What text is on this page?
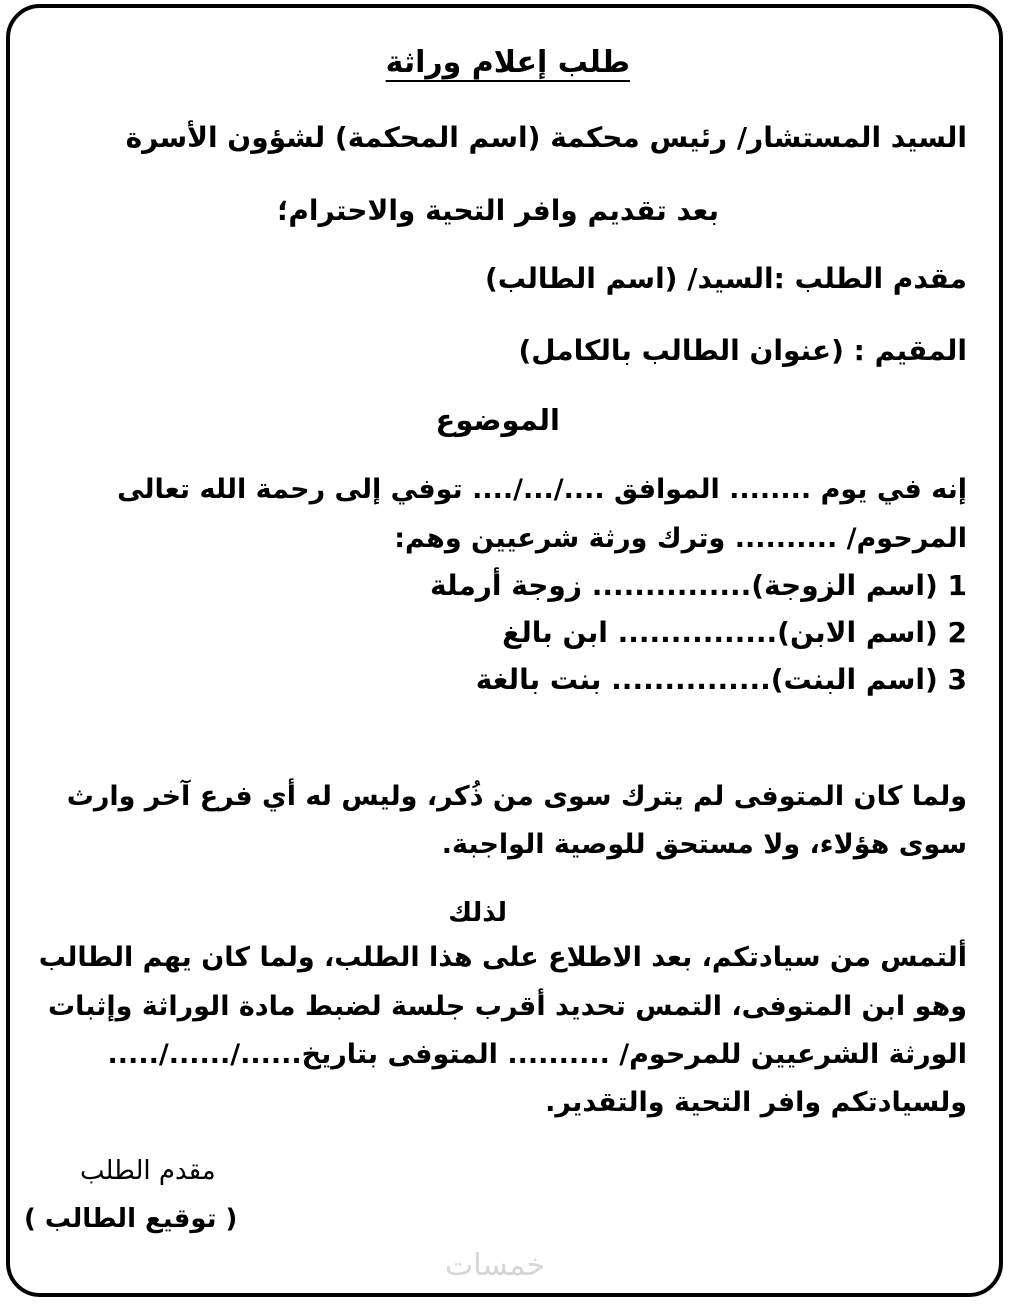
طلب إعلام وراثة
السيد المستشار/ رئيس محكمة (اسم المحكمة) لشؤون الأسرة
بعد تقديم وافر التحية والاحترام؛
مقدم الطلب :السيد/ (اسم الطالب)
المقيم : (عنوان الطالب بالكامل)
الموضوع
إنه في يوم ........ الموافق ..../.../.... توفي إلى رحمة الله تعالى
المرحوم/ .......... وترك ورثة شرعيين وهم:
1 (اسم الزوجة)............... زوجة أرملة
2 (اسم الابن)............... ابن بالغ
3 (اسم البنت)............... بنت بالغة
ولما كان المتوفى لم يترك سوى من ذُكر، وليس له أي فرع آخر وارث
سوى هؤلاء، ولا مستحق للوصية الواجبة.
لذلك
ألتمس من سيادتكم، بعد الاطلاع على هذا الطلب، ولما كان يهم الطالب
وهو ابن المتوفى، التمس تحديد أقرب جلسة لضبط مادة الوراثة وإثبات
الورثة الشرعيين للمرحوم/ .......... المتوفى بتاريخ....../....../.....
ولسيادتكم وافر التحية والتقدير.
مقدم الطلب
( توقيع الطالب )
خمسات
